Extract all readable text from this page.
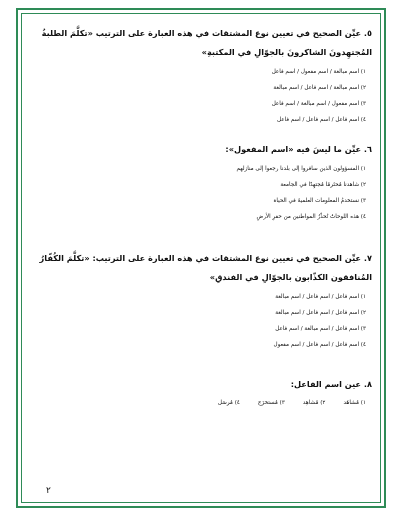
٥. عيِّن الصحيح في تعيين نوع المشتقات في هذه العبارة على الترتيب «تكلَّمَ الطلبةُ المُجتهِدونَ الشاكرونَ بالجوّالِ في المكتبةِ»
١) اسم مبالغة / اسم مفعول / اسم فاعل
٢) اسم مبالغة / اسم فاعل / اسم مبالغة
٣) اسم مفعول / اسم مبالغة / اسم فاعل
٤) اسم فاعل / اسم فاعل / اسم فاعل
٦. عيِّن ما ليسَ فيه «اسم المفعول»:
١) المسؤولون الذين سافروا إلى بلدنا رجعوا إلى منازلهم
٢) شاهدنا مُحتَرمًا مُجتهِدًا في الجامعة
٣) نستخدمُ المعلومات العلميةَ في الحياة
٤) هذه اللوحاتُ تُحذِّرُ المواطنين من حفرِ الأرضِ
٧. عيِّن الصحيح في تعيين نوع المشتقات في هذه العبارة على الترتيب: «تكلَّمَ الكُفّارُ المُنافقون الكذّابون بالجوّالِ في الفندقِ»
١) اسم فاعل / اسم فاعل / اسم مبالغة
٢) اسم فاعل / اسم فاعل / اسم مبالغة
٣) اسم فاعل / اسم مبالغة / اسم فاعل
٤) اسم فاعل / اسم فاعل / اسم مفعول
٨. عين اسم الفاعل:
١) مُشاهَد
٢) مُشاهِد
٣) مُستخرَج
٤) مُرسَل
٢
